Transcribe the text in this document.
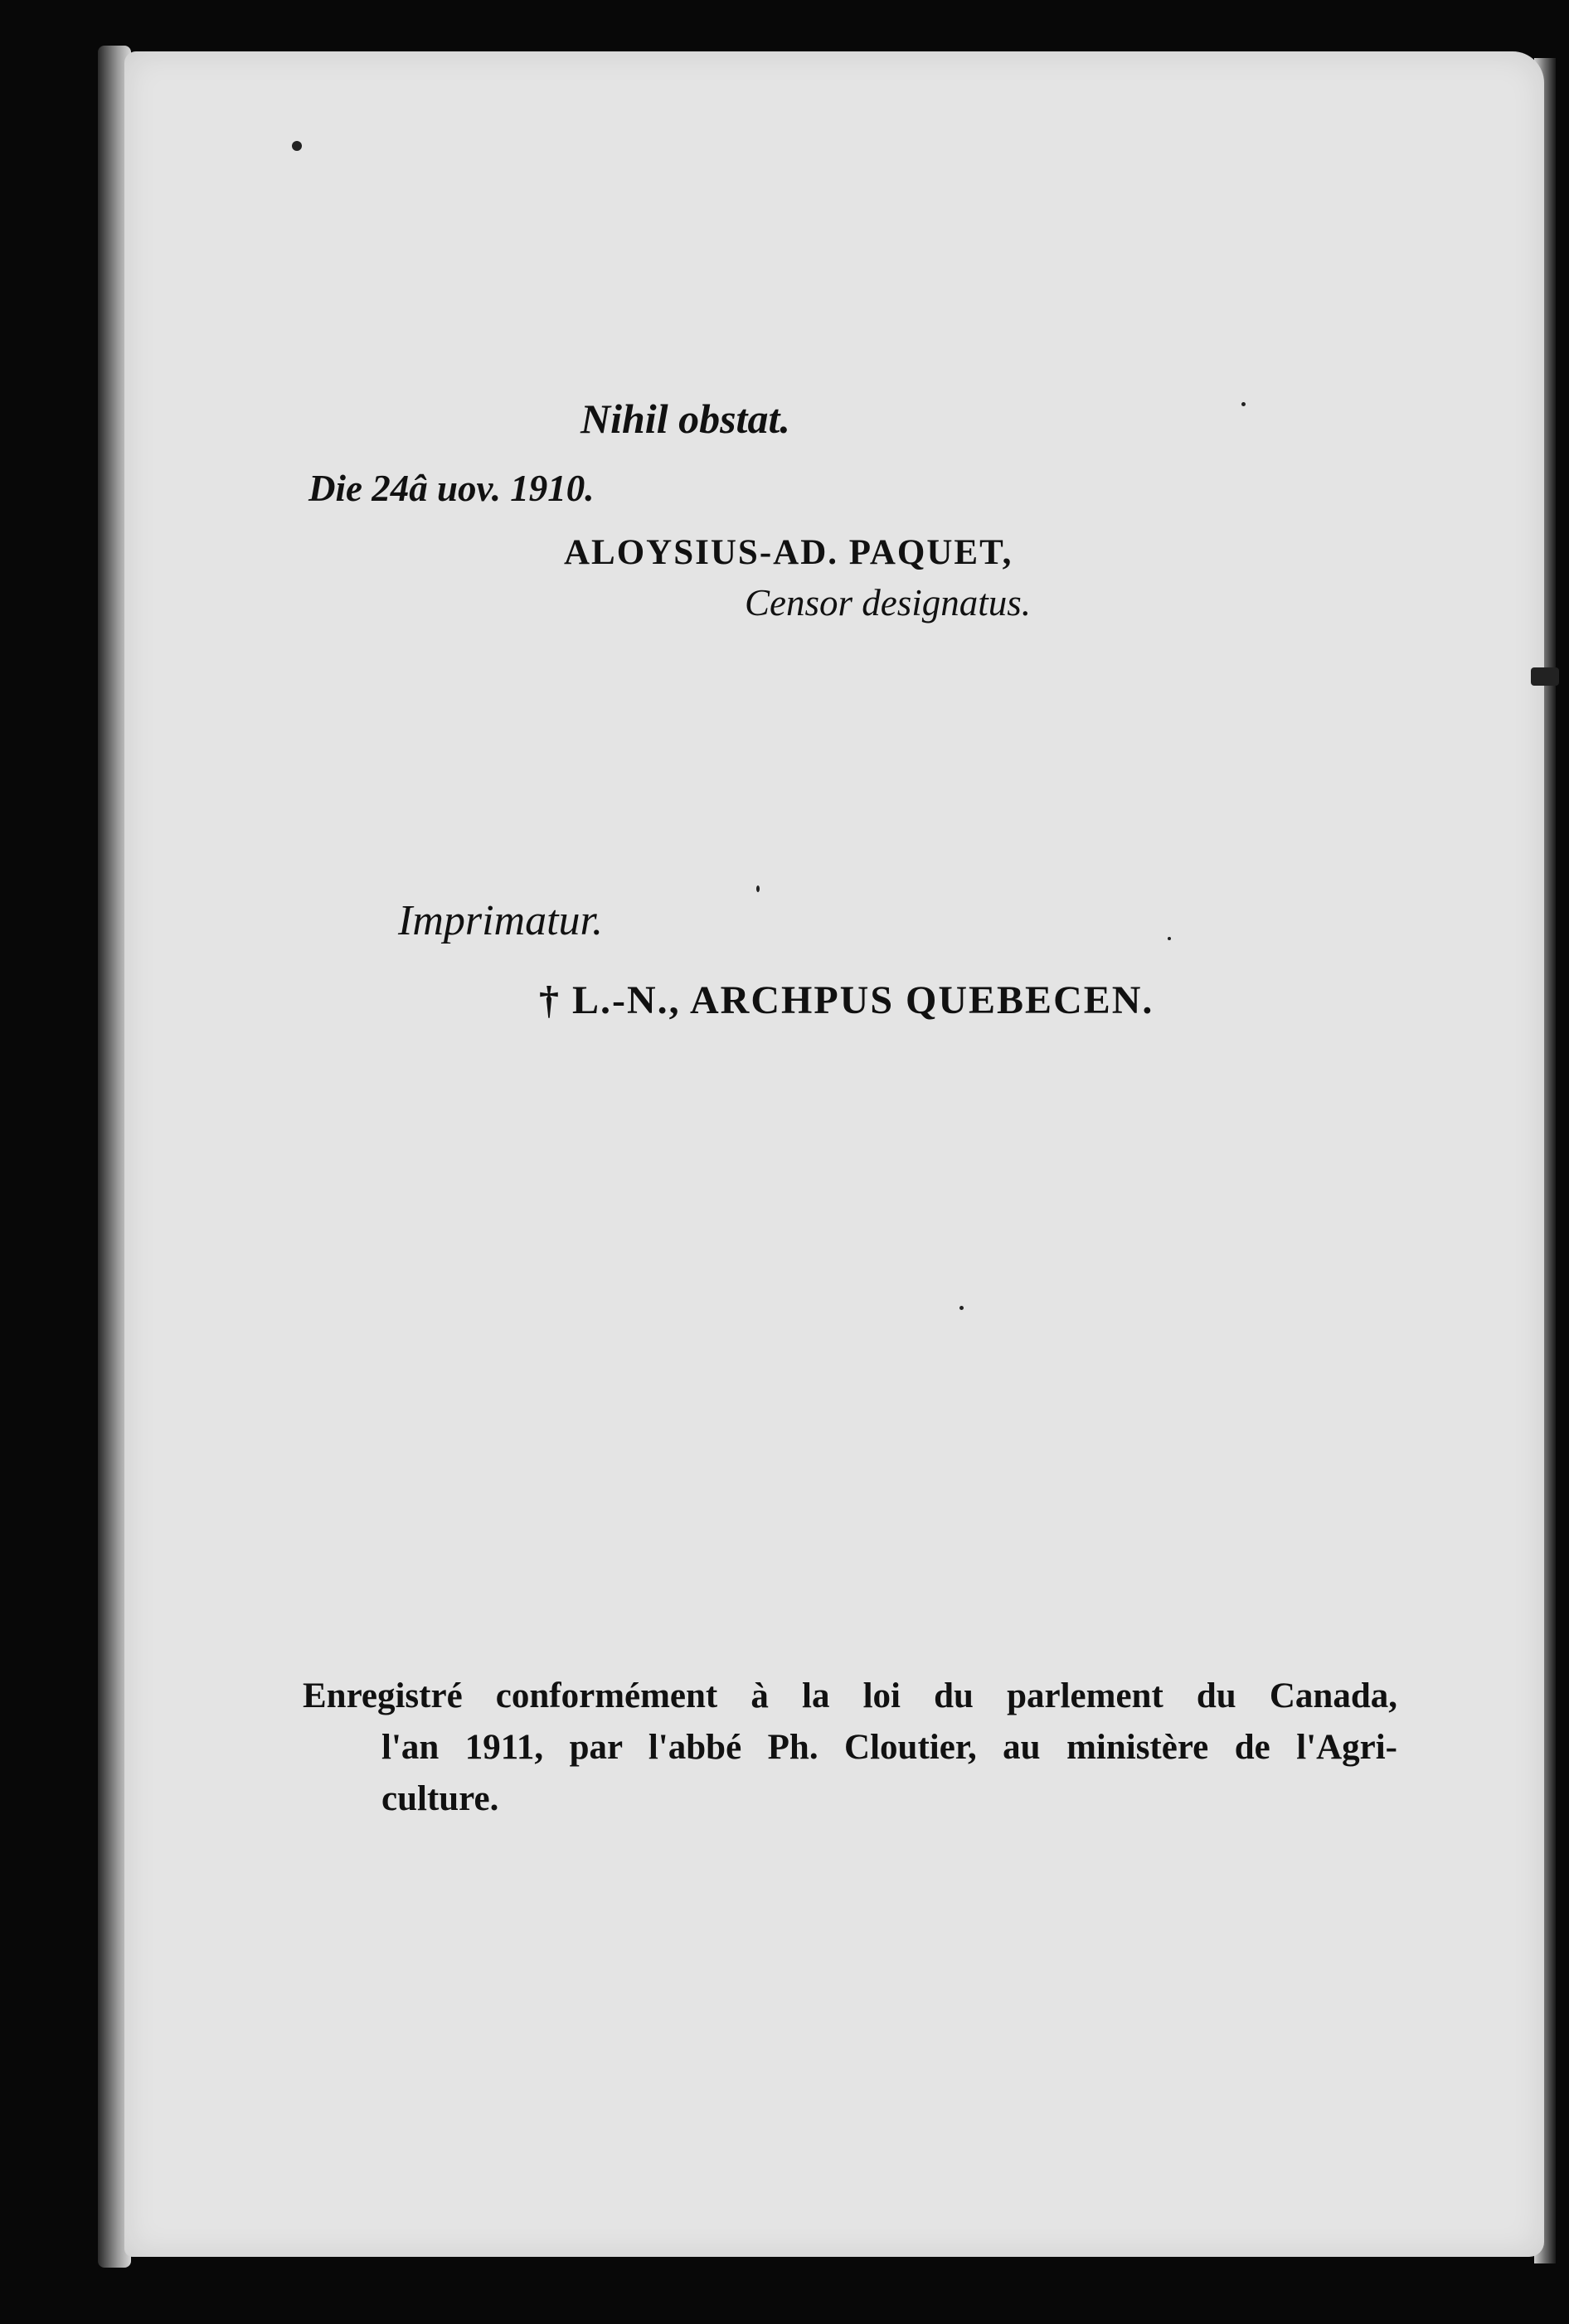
Nihil obstat.
Die 24â uov. 1910.
ALOYSIUS-AD. PAQUET,
Censor designatus.
Imprimatur.
† L.-N., ARCHPUS QUEBECEN.
Enregistré conformément à la loi du parlement du Canada,
l'an 1911, par l'abbé Ph. Cloutier, au ministère de l'Agri-
culture.
